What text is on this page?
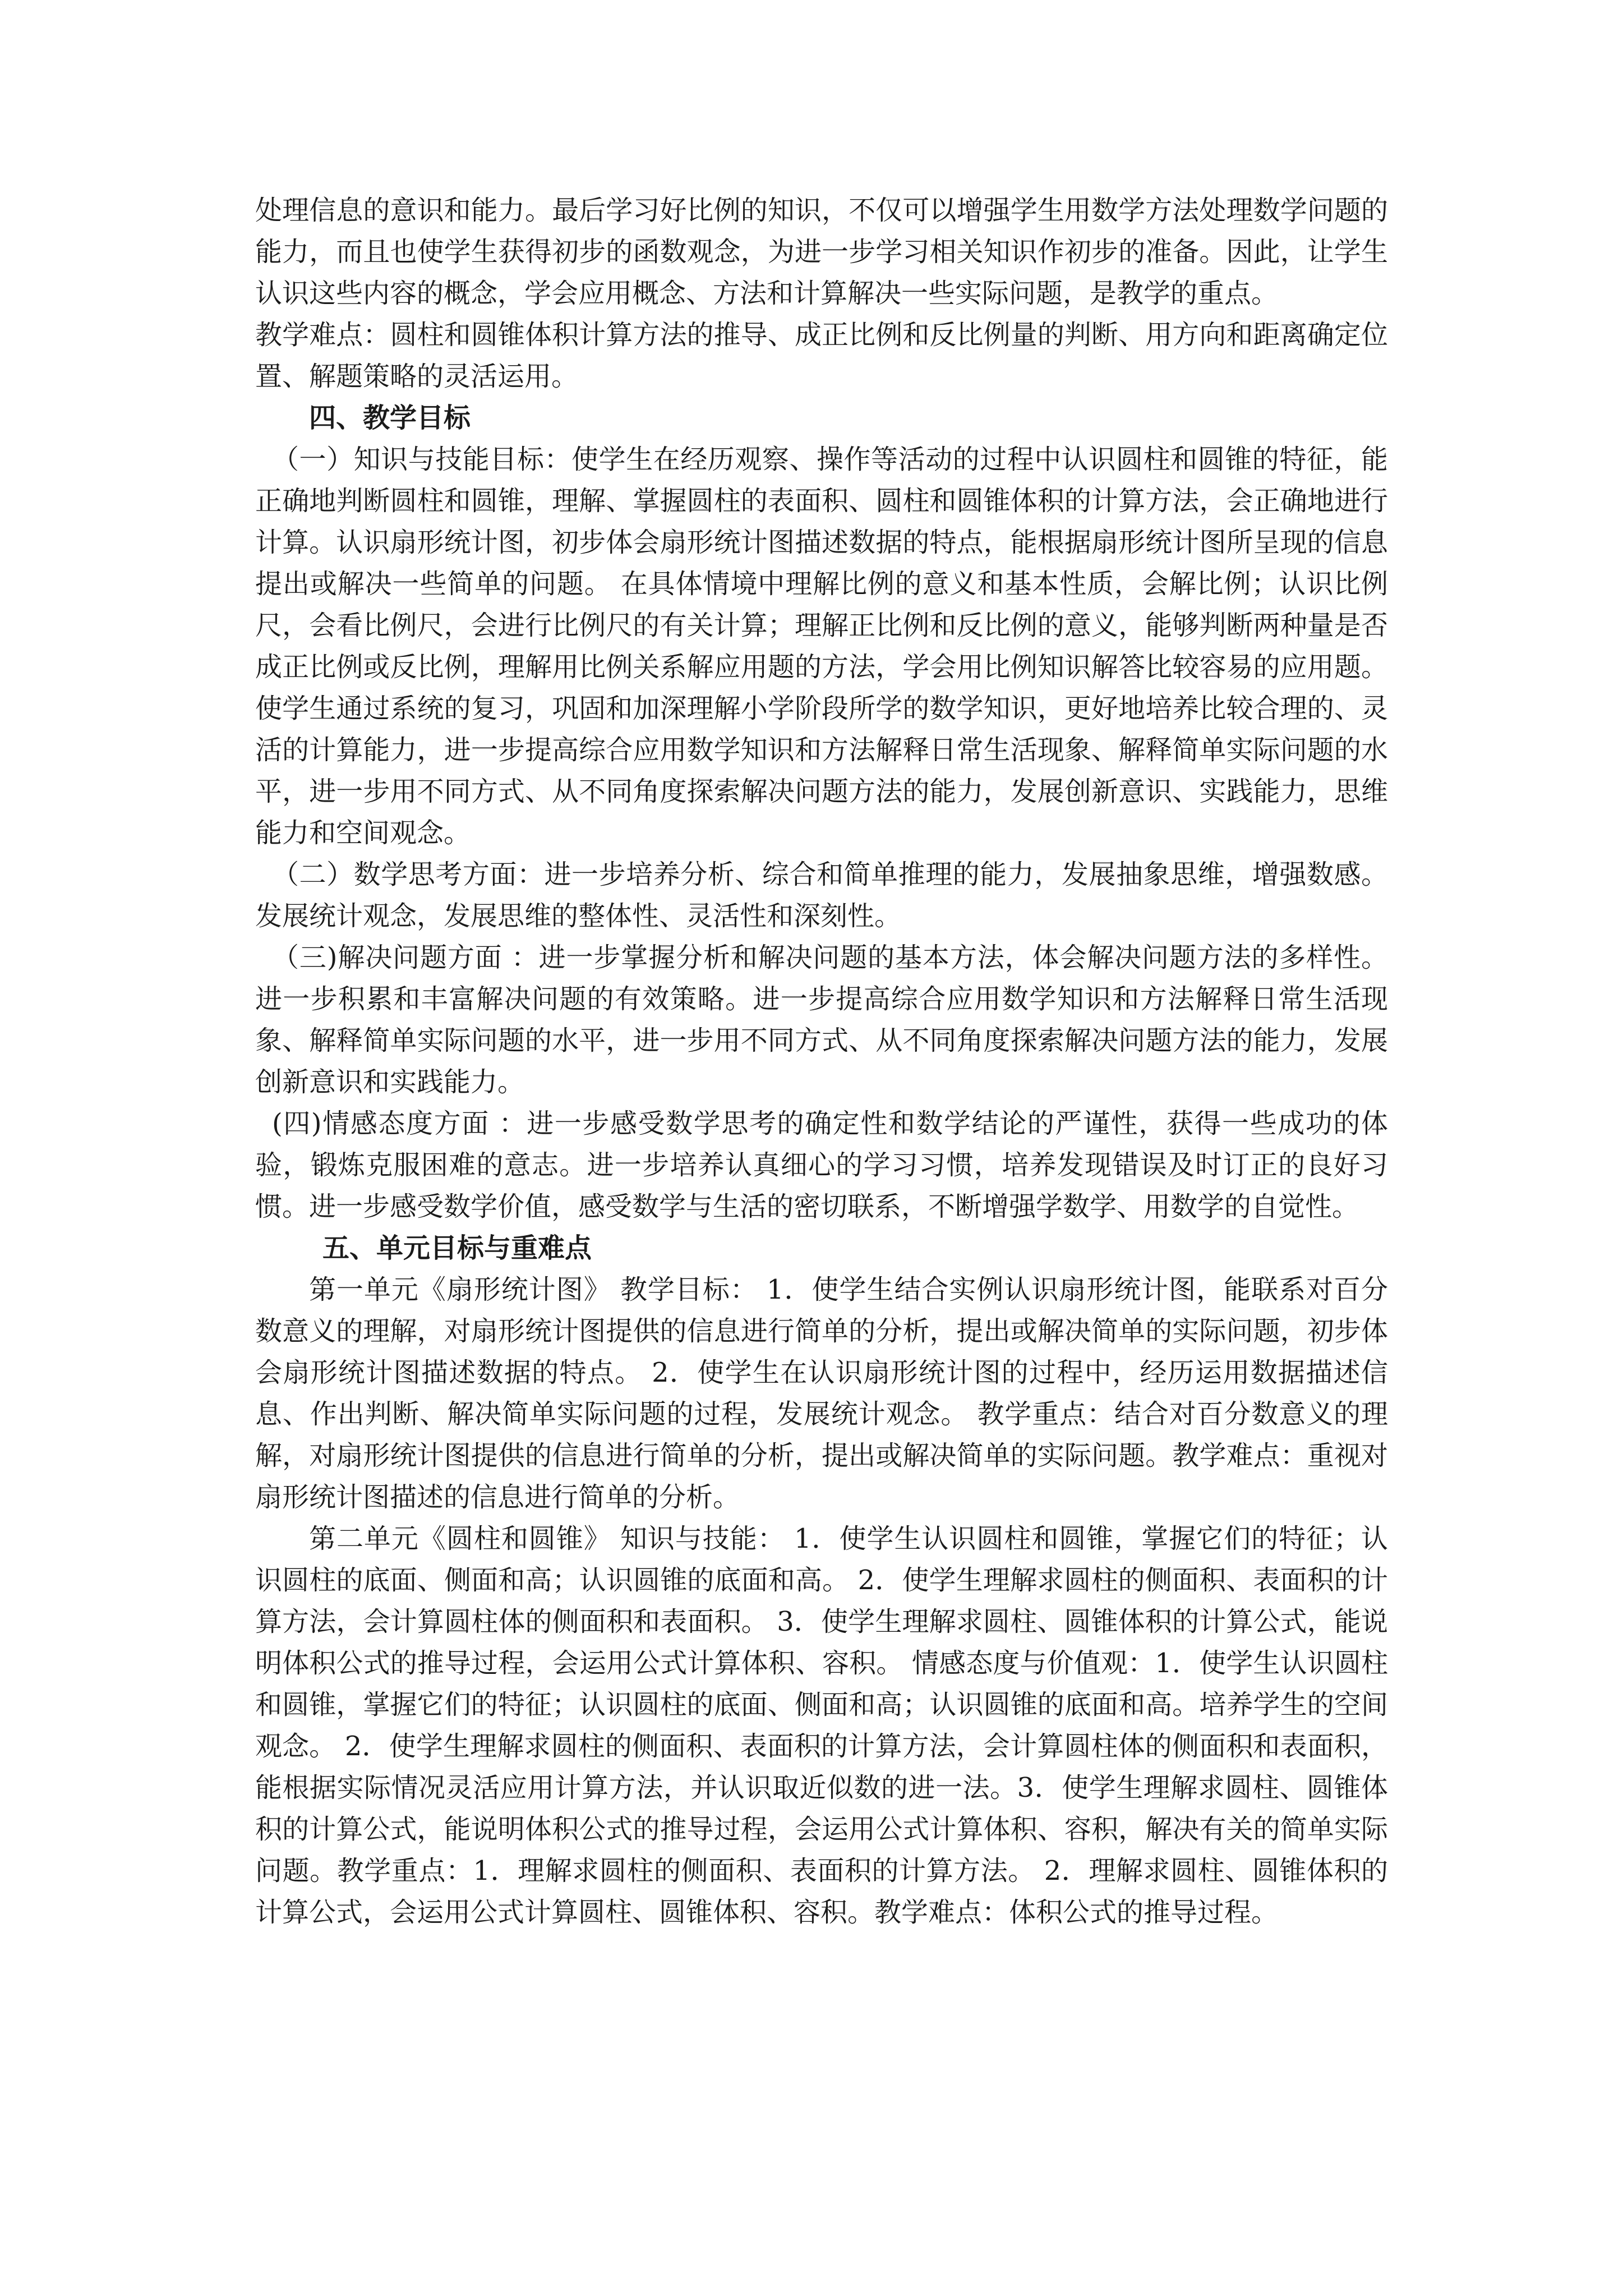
处理信息的意识和能力。最后学习好比例的知识，不仅可以增强学生用数学方法处理数学问题的能力，而且也使学生获得初步的函数观念，为进一步学习相关知识作初步的准备。因此，让学生认识这些内容的概念，学会应用概念、方法和计算解决一些实际问题，是教学的重点。

教学难点：圆柱和圆锥体积计算方法的推导、成正比例和反比例量的判断、用方向和距离确定位置、解题策略的灵活运用。

四、教学目标

（一）知识与技能目标：使学生在经历观察、操作等活动的过程中认识圆柱和圆锥的特征，能正确地判断圆柱和圆锥，理解、掌握圆柱的表面积、圆柱和圆锥体积的计算方法，会正确地进行计算。认识扇形统计图，初步体会扇形统计图描述数据的特点，能根据扇形统计图所呈现的信息提出或解决一些简单的问题。 在具体情境中理解比例的意义和基本性质，会解比例；认识比例尺，会看比例尺，会进行比例尺的有关计算；理解正比例和反比例的意义，能够判断两种量是否成正比例或反比例，理解用比例关系解应用题的方法，学会用比例知识解答比较容易的应用题。使学生通过系统的复习，巩固和加深理解小学阶段所学的数学知识，更好地培养比较合理的、灵活的计算能力，进一步提高综合应用数学知识和方法解释日常生活现象、解释简单实际问题的水平，进一步用不同方式、从不同角度探索解决问题方法的能力，发展创新意识、实践能力，思维能力和空间观念。

（二）数学思考方面：进一步培养分析、综合和简单推理的能力，发展抽象思维，增强数感。发展统计观念，发展思维的整体性、灵活性和深刻性。

（三)解决问题方面 ：进一步掌握分析和解决问题的基本方法，体会解决问题方法的多样性。进一步积累和丰富解决问题的有效策略。进一步提高综合应用数学知识和方法解释日常生活现象、解释简单实际问题的水平，进一步用不同方式、从不同角度探索解决问题方法的能力，发展创新意识和实践能力。

(四)情感态度方面 ：进一步感受数学思考的确定性和数学结论的严谨性，获得一些成功的体验，锻炼克服困难的意志。进一步培养认真细心的学习习惯，培养发现错误及时订正的良好习惯。进一步感受数学价值，感受数学与生活的密切联系，不断增强学数学、用数学的自觉性。

五、单元目标与重难点

第一单元《扇形统计图》 教学目标： 1．使学生结合实例认识扇形统计图，能联系对百分数意义的理解，对扇形统计图提供的信息进行简单的分析，提出或解决简单的实际问题，初步体会扇形统计图描述数据的特点。 2．使学生在认识扇形统计图的过程中，经历运用数据描述信息、作出判断、解决简单实际问题的过程，发展统计观念。 教学重点：结合对百分数意义的理解，对扇形统计图提供的信息进行简单的分析，提出或解决简单的实际问题。教学难点：重视对扇形统计图描述的信息进行简单的分析。

第二单元《圆柱和圆锥》 知识与技能： 1．使学生认识圆柱和圆锥，掌握它们的特征；认识圆柱的底面、侧面和高；认识圆锥的底面和高。 2．使学生理解求圆柱的侧面积、表面积的计算方法，会计算圆柱体的侧面积和表面积。 3．使学生理解求圆柱、圆锥体积的计算公式，能说明体积公式的推导过程，会运用公式计算体积、容积。 情感态度与价值观：1．使学生认识圆柱和圆锥，掌握它们的特征；认识圆柱的底面、侧面和高；认识圆锥的底面和高。培养学生的空间观念。 2．使学生理解求圆柱的侧面积、表面积的计算方法，会计算圆柱体的侧面积和表面积，能根据实际情况灵活应用计算方法，并认识取近似数的进一法。3．使学生理解求圆柱、圆锥体积的计算公式，能说明体积公式的推导过程，会运用公式计算体积、容积，解决有关的简单实际问题。教学重点：1．理解求圆柱的侧面积、表面积的计算方法。 2．理解求圆柱、圆锥体积的计算公式，会运用公式计算圆柱、圆锥体积、容积。教学难点：体积公式的推导过程。
